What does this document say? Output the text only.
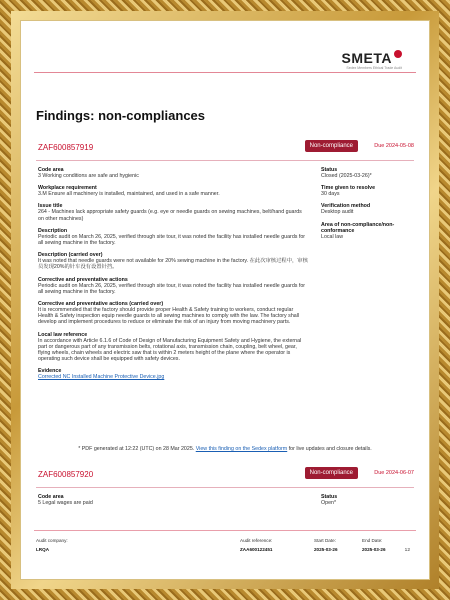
SMETA
Sedex Members Ethical Trade Audit
Findings: non-compliances
ZAF600857919	Non-compliance	Due 2024-05-08
Code area
3 Working conditions are safe and hygienic
Workplace requirement
3.M Ensure all machinery is installed, maintained, and used in a safe manner.
Issue title
264 - Machines lack appropriate safety guards (e.g. eye or needle guards on sewing machines, belt/hand guards on other machines)
Description
Periodic audit on March 26, 2025, verified through site tour, it was noted the facility has installed needle guards for all sewing machine in the factory.
Description (carried over)
It was noted that needle guards were not available for 20% sewing machine in the factory. 在此次审核过程中，审核员发现20%的针车没有设置针挡。
Corrective and preventative actions
Periodic audit on March 26, 2025, verified through site tour, it was noted the facility has installed needle guards for all sewing machine in the factory.
Corrective and preventative actions (carried over)
It is recommended that the factory should provide proper Health & Safety training to workers, conduct regular Health & Safety inspection equip needle guards to all sewing machines to comply with the law. The factory shall develop and implement procedures to reduce or eliminate the risk of an injury from moving machinery parts.
Local law reference
In accordance with Article 6.1.6 of Code of Design of Manufacturing Equipment Safety and Hygiene, the external part or dangerous part of any transmission belts, rotational axis, transmission chain, coupling, belt wheel, gear, flying wheels, chain wheels and electric saw that is within 2 meters height of the plane where the operator is operating such device shall be equipped with safety devices.
Evidence
Corrected NC Installed Machine Protective Device.jpg
Status
Closed (2025-03-26)*
Time given to resolve
30 days
Verification method
Desktop audit
Area of non-compliance/non-conformance
Local law
* PDF generated at 12:22 (UTC) on 28 Mar 2025. View this finding on the Sedex platform for live updates and closure details.
ZAF600857920	Non-compliance	Due 2024-06-07
Code area
5 Legal wages are paid
Status
Open*
Audit company:
LRQA
Audit reference:
ZAA600122451
Start Date:
2025-03-26
End Date:
2025-03-26	12
